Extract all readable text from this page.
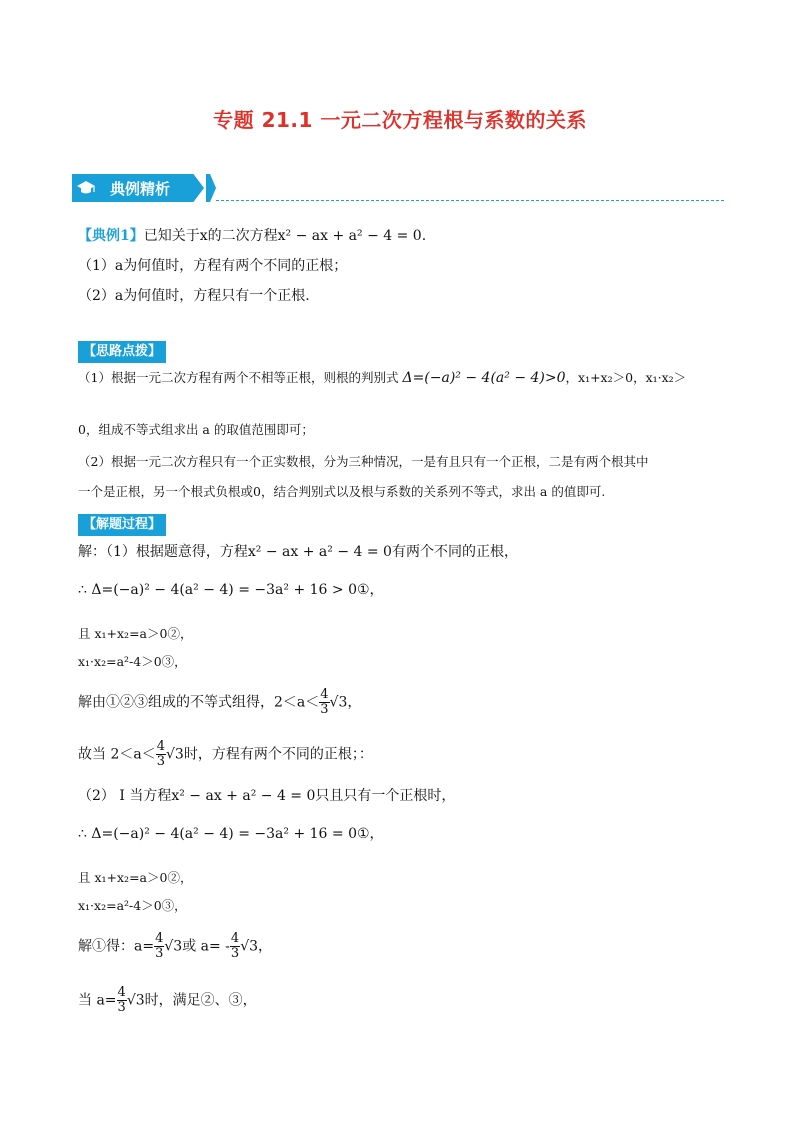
专题 21.1 一元二次方程根与系数的关系
典例精析
【典例1】已知关于x的二次方程x² − ax + a² − 4 = 0.
（1）a为何值时，方程有两个不同的正根；
（2）a为何值时，方程只有一个正根.
【思路点拨】
（1）根据一元二次方程有两个不相等正根，则根的判别式 Δ=(−a)² − 4(a² − 4)>0，x₁+x₂＞0，x₁·x₂＞
0，组成不等式组求出 a 的取值范围即可；
（2）根据一元二次方程只有一个正实数根，分为三种情况，一是有且只有一个正根，二是有两个根其中
一个是正根，另一个根式负根或0，结合判别式以及根与系数的关系列不等式，求出 a 的值即可.
【解题过程】
解：（1）根据题意得，方程x² − ax + a² − 4 = 0有两个不同的正根，
∴ Δ=(−a)² − 4(a² − 4) = −3a² + 16 > 0①，
且 x₁+x₂=a＞0②，
x₁·x₂=a²-4＞0③，
解由①②③组成的不等式组得，$2<a< \frac{4}{3} √3$，
故当 $2<a< \frac{4}{3} √3$时，方程有两个不同的正根；：
（2） I 当方程x² − ax + a² − 4 = 0只且只有一个正根时，
∴ Δ=(−a)² − 4(a² − 4) = −3a² + 16 = 0①，
且 x₁+x₂=a＞0②，
x₁·x₂=a²-4＞0③，
解①得：$a= \frac{4}{3} √3$或 $a= - \frac{4}{3} √3$，
当 $a= \frac{4}{3} √3$时，满足②、③，
